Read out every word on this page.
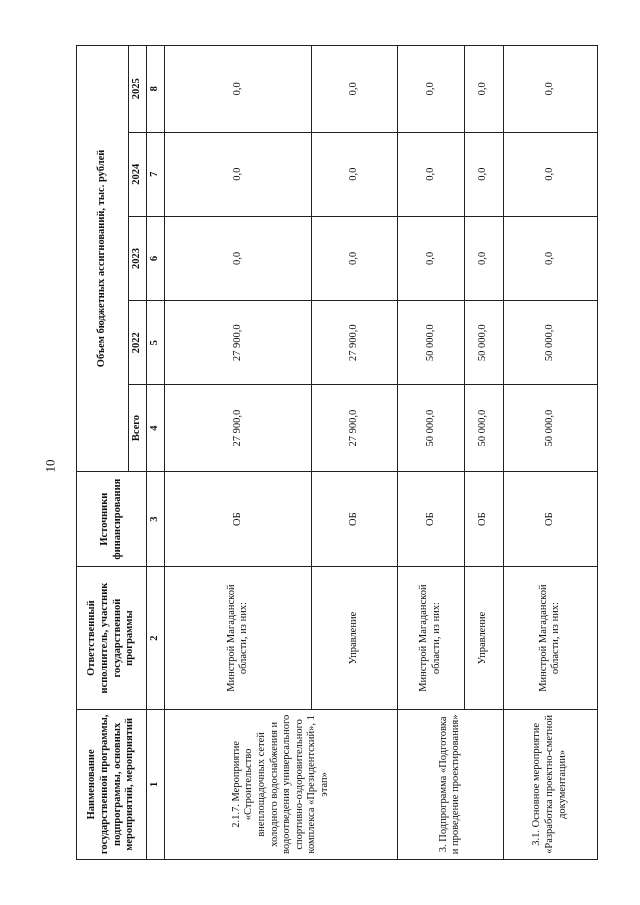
10
Наименование государственной программы, подпрограммы, основных мероприятий, мероприятий	Ответственный исполнитель, участник государственной программы	Источники финансирования	Объем бюджетных ассигнований, тыс. рублей				
			Всего	2022	2023	2024	2025
1	2	3	4	5	6	7	8
2.1.7. Мероприятие «Строительство внеплощадочных сетей холодного водоснабжения и водоотведения универсального спортивно-оздоровительного комплекса «Президентский», 1 этап»	Минстрой Магаданской области, из них:	ОБ	27 900,0	27 900,0	0,0	0,0	0,0
	Управление	ОБ	27 900,0	27 900,0	0,0	0,0	0,0
3. Подпрограмма «Подготовка и проведение проектирования»	Минстрой Магаданской области, из них:	ОБ	50 000,0	50 000,0	0,0	0,0	0,0
	Управление	ОБ	50 000,0	50 000,0	0,0	0,0	0,0
3.1. Основное мероприятие «Разработка проектно-сметной документации»	Минстрой Магаданской области, из них:	ОБ	50 000,0	50 000,0	0,0	0,0	0,0
